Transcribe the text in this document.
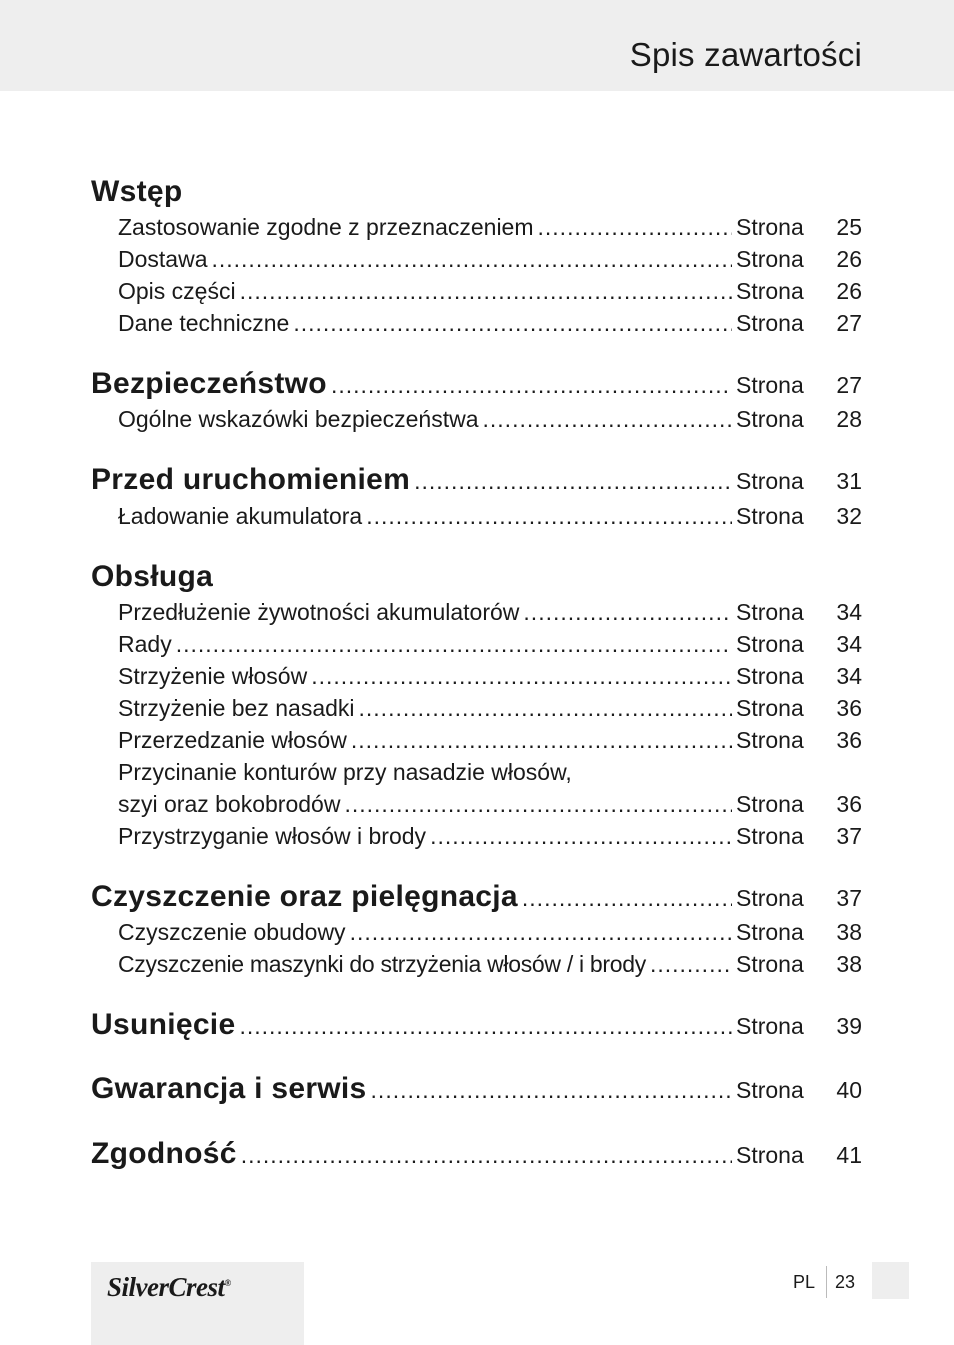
Spis zawartości
Wstęp
Zastosowanie zgodne z przeznaczeniem .....	Strona	25
Dostawa .....	Strona	26
Opis części .....	Strona	26
Dane techniczne .....	Strona	27
Bezpieczeństwo .....	Strona	27
Ogólne wskazówki bezpieczeństwa .....	Strona	28
Przed uruchomieniem .....	Strona	31
Ładowanie akumulatora .....	Strona	32
Obsługa
Przedłużenie żywotności akumulatorów .....	Strona	34
Rady .....	Strona	34
Strzyżenie włosów .....	Strona	34
Strzyżenie bez nasadki .....	Strona	36
Przerzedzanie włosów .....	Strona	36
Przycinanie konturów przy nasadzie włosów,
szyi oraz bokobrodów .....	Strona	36
Przystrzyganie włosów i brody .....	Strona	37
Czyszczenie oraz pielęgnacja .....	Strona	37
Czyszczenie obudowy .....	Strona	38
Czyszczenie maszynki do strzyżenia włosów / i brody .....	Strona	38
Usunięcie .....	Strona	39
Gwarancja i serwis .....	Strona	40
Zgodność .....	Strona	41
SilverCrest®	PL 23
